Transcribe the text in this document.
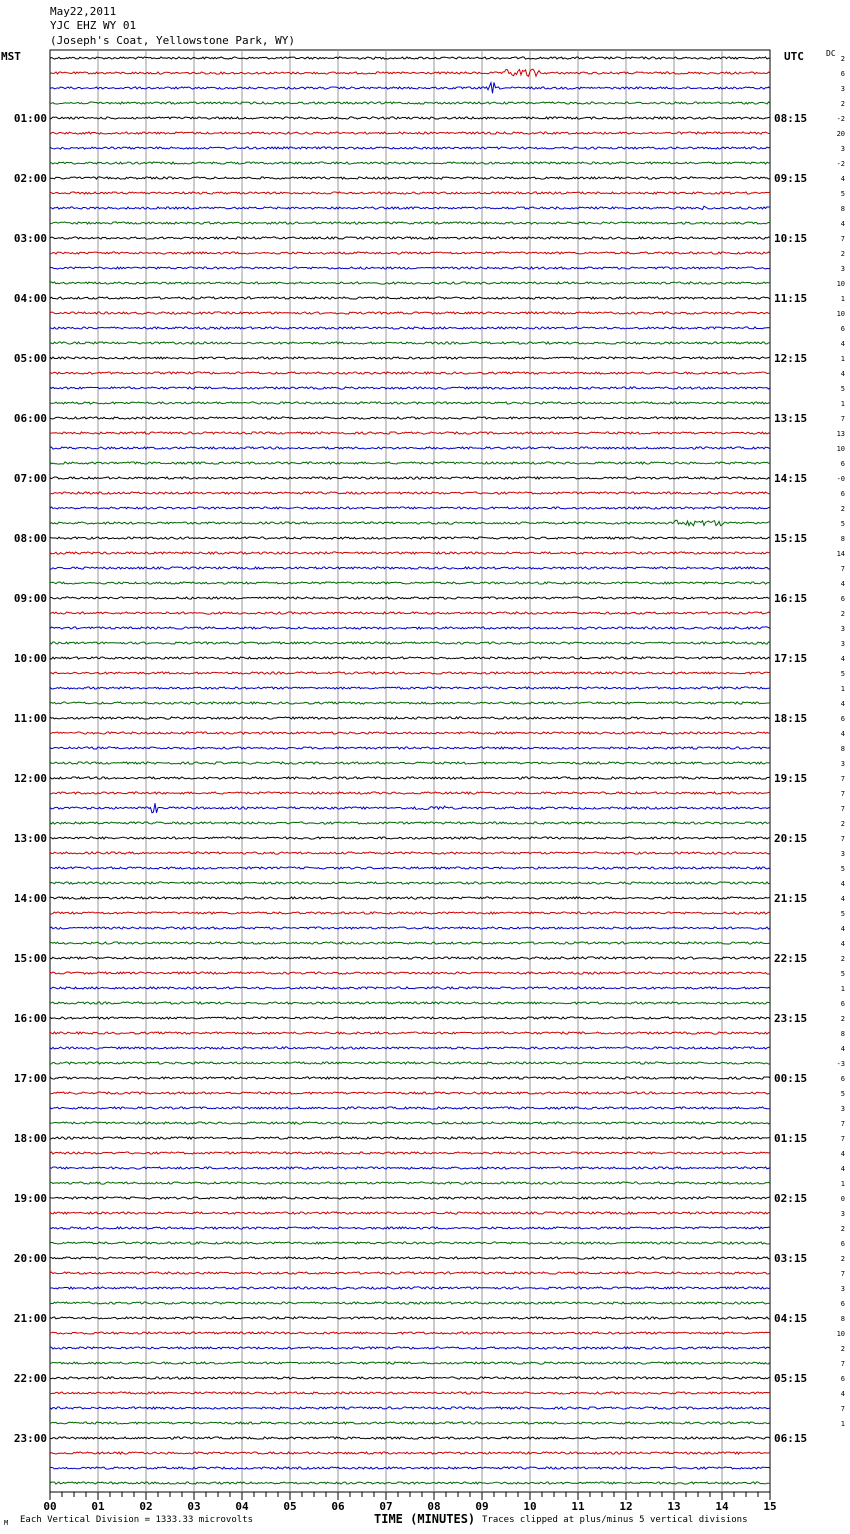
May22,2011
YJC EHZ WY 01
(Joseph's Coat, Yellowstone Park, WY)
MST	UTC	DC
01:00
02:00
03:00
04:00
05:00
06:00
07:00
08:00
09:00
10:00
11:00
12:00
13:00
14:00
15:00
16:00
17:00
18:00
19:00
20:00
21:00
22:00
23:00
08:15
09:15
10:15
11:15
12:15
13:15
14:15
15:15
16:15
17:15
18:15
19:15
20:15
21:15
22:15
23:15
00:15
01:15
02:15
03:15
04:15
05:15
06:15
2
6
3
2
-2
20
3
-2
4
5
8
4
7
2
3
10
1
10
6
4
1
4
5
1
7
13
10
6
-0
6
2
5
8
14
7
4
6
2
3
3
4
5
1
4
6
4
8
3
7
7
7
2
7
3
5
4
4
5
4
4
2
5
1
6
2
8
4
-3
6
5
3
7
7
4
4
1
0
3
2
6
2
7
3
6
8
10
2
7
6
4
7
1
00	01	02	03	04	05	06	07	08	09	10	11	12	13	14	15
M Each Vertical Division = 1333.33 microvolts	TIME (MINUTES) Traces clipped at plus/minus 5 vertical divisions
